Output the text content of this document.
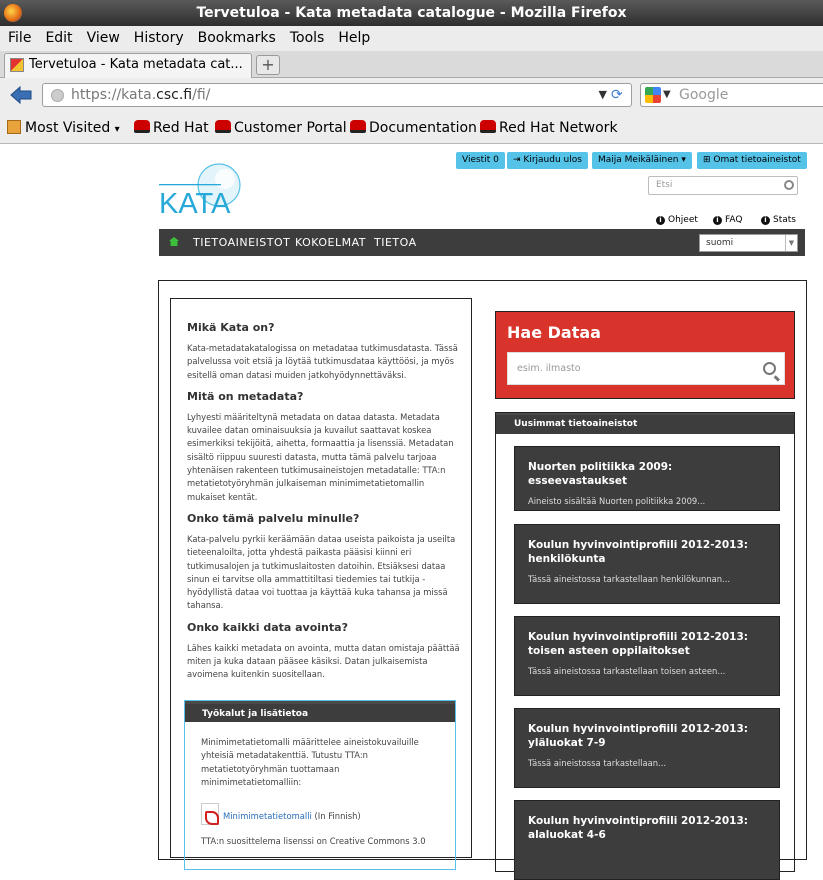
Tervetuloa - Kata metadata catalogue - Mozilla Firefox
File Edit View History Bookmarks Tools Help
Tervetuloa - Kata metadata cat...	+
https://kata.csc.fi/fi/	▼ ⟳	▼ Google
Most Visited ▾	Red Hat	Customer Portal	Documentation	Red Hat Network
KATA
Viestit 0	⇥ Kirjaudu ulos	Maija Meikäläinen ▾	⊞ Omat tietoaineistot
Etsi
i Ohjeet	i FAQ	i Stats
TIETOAINEISTOT KOKOELMAT TIETOA	suomi	▼
Mikä Kata on?

Kata-metadatakatalogissa on metadataa tutkimusdatasta. Tässä palvelussa voit etsiä ja löytää tutkimusdataa käyttöösi, ja myös esitellä oman datasi muiden jatkohyödynnettäväksi.

Mitä on metadata?

Lyhyesti määriteltynä metadata on dataa datasta. Metadata kuvailee datan ominaisuuksia ja kuvailut saattavat koskea esimerkiksi tekijöitä, aihetta, formaattia ja lisenssiä. Metadatan sisältö riippuu suuresti datasta, mutta tämä palvelu tarjoaa yhtenäisen rakenteen tutkimusaineistojen metadatalle: TTA:n metatietotyöryhmän julkaiseman minimimetatietomallin mukaiset kentät.

Onko tämä palvelu minulle?

Kata-palvelu pyrkii keräämään dataa useista paikoista ja useilta tieteenaloilta, jotta yhdestä paikasta pääsisi kiinni eri tutkimusalojen ja tutkimuslaitosten datoihin. Etsiäksesi dataa sinun ei tarvitse olla ammattitiltasi tiedemies tai tutkija - hyödyllistä dataa voi tuottaa ja käyttää kuka tahansa ja missä tahansa.

Onko kaikki data avointa?

Lähes kaikki metadata on avointa, mutta datan omistaja päättää miten ja kuka dataan pääsee käsiksi. Datan julkaisemista avoimena kuitenkin suositellaan.

Työkalut ja lisätietoa

Minimimetatietomalli määrittelee aineistokuvailuille yhteisiä metadatakenttiä. Tutustu TTA:n metatietotyöryhmän tuottamaan minimimetatietomalliin:

Minimimetatietomalli (In Finnish)

TTA:n suosittelema lisenssi on Creative Commons 3.0

Hae Dataa
esim. ilmasto
Uusimmat tietoaineistot
Nuorten politiikka 2009: esseevastaukset
Aineisto sisältää Nuorten politiikka 2009...
Koulun hyvinvointiprofiili 2012-2013: henkilökunta
Tässä aineistossa tarkastellaan henkilökunnan...
Koulun hyvinvointiprofiili 2012-2013: toisen asteen oppilaitokset
Tässä aineistossa tarkastellaan toisen asteen...
Koulun hyvinvointiprofiili 2012-2013: yläluokat 7-9
Tässä aineistossa tarkastellaan...
Koulun hyvinvointiprofiili 2012-2013: alaluokat 4-6
